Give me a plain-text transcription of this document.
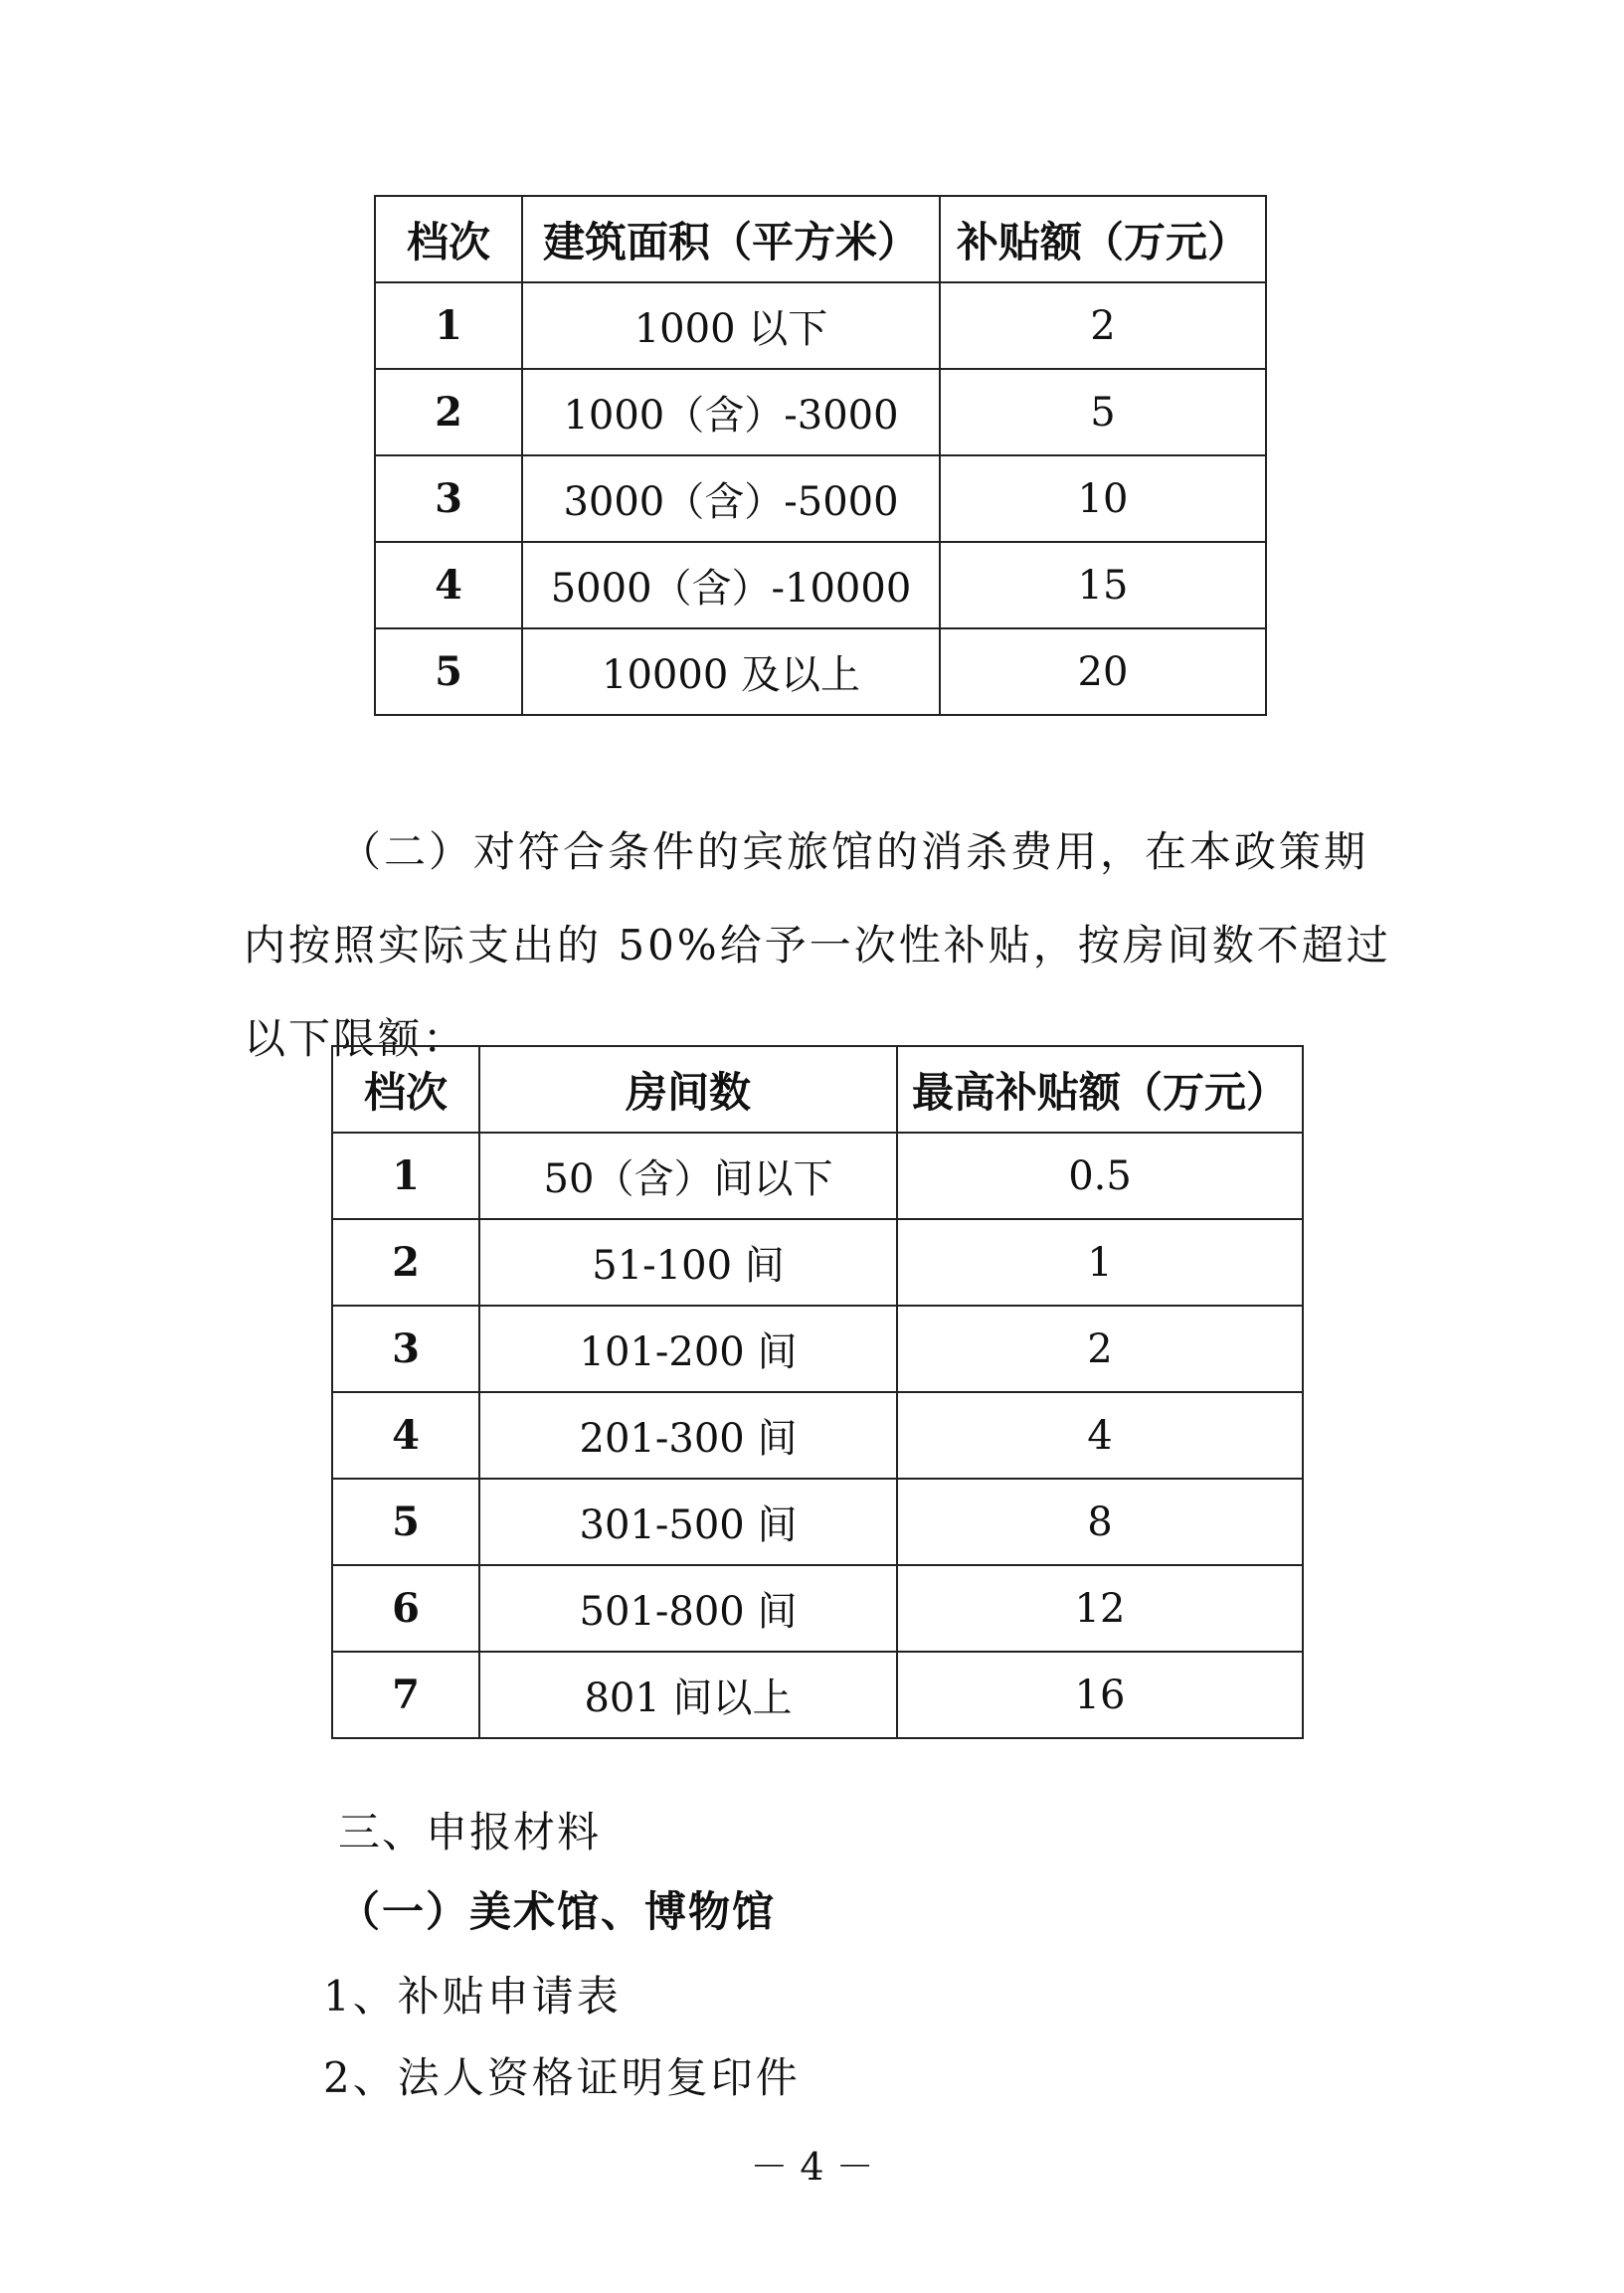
档次	建筑面积（平方米）	补贴额（万元）
1	1000 以下	2
2	1000（含）-3000	5
3	3000（含）-5000	10
4	5000（含）-10000	15
5	10000 及以上	20

（二）对符合条件的宾旅馆的消杀费用，在本政策期内按照实际支出的 50%给予一次性补贴，按房间数不超过以下限额：

档次	房间数	最高补贴额（万元）
1	50（含）间以下	0.5
2	51-100 间	1
3	101-200 间	2
4	201-300 间	4
5	301-500 间	8
6	501-800 间	12
7	801 间以上	16

三、申报材料

（一）美术馆、博物馆

1、补贴申请表

2、法人资格证明复印件

－ 4 －
